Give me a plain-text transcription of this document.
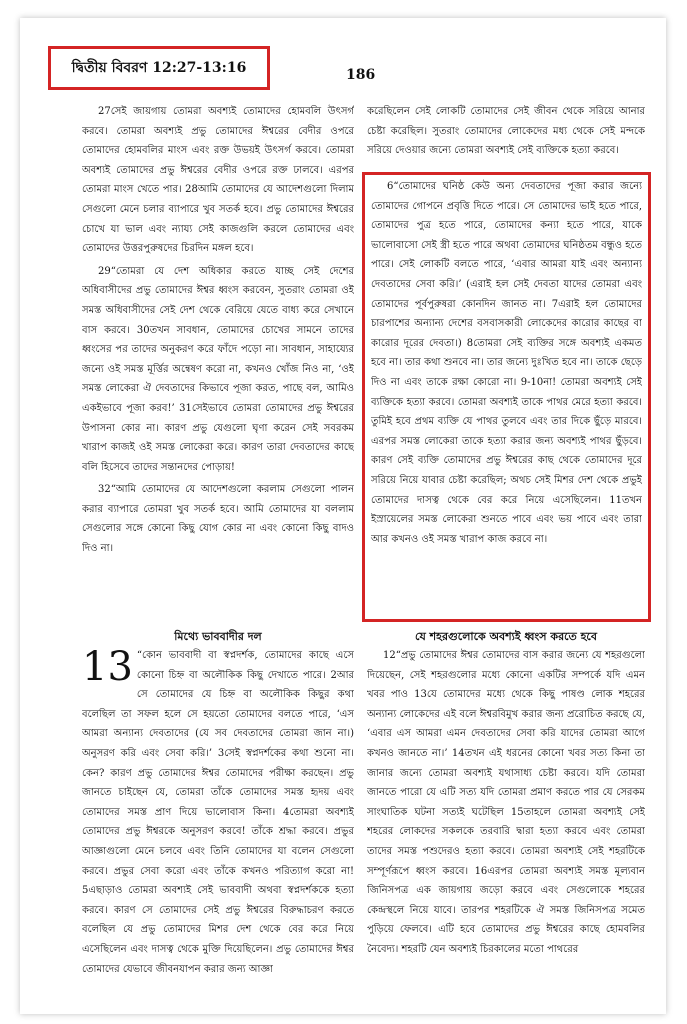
দ্বিতীয় বিবরণ 12:27-13:16	186

27সেই জায়গায় তোমরা অবশ্যই তোমাদের হোমবলি উৎসর্গ করবে। তোমরা অবশ্যই প্রভু তোমাদের ঈশ্বরের বেদীর ওপরে তোমাদের হোমবলির মাংস এবং রক্ত উভয়ই উৎসর্গ করবে। তোমরা অবশ্যই তোমাদের প্রভু ঈশ্বরের বেদীর ওপরে রক্ত ঢালবে। এরপর তোমরা মাংস খেতে পার। 28আমি তোমাদের যে আদেশগুলো দিলাম সেগুলো মেনে চলার ব্যাপারে খুব সতর্ক হবে। প্রভু তোমাদের ঈশ্বরের চোখে যা ভাল এবং ন্যায্য সেই কাজগুলি করলে তোমাদের এবং তোমাদের উত্তরপুরুষদের চিরদিন মঙ্গল হবে।

29“তোমরা যে দেশ অধিকার করতে যাচ্ছ সেই দেশের অধিবাসীদের প্রভু তোমাদের ঈশ্বর ধ্বংস করবেন, সুতরাং তোমরা ওই সমস্ত অধিবাসীদের সেই দেশ থেকে বেরিয়ে যেতে বাধ্য করে সেখানে বাস করবে। 30তখন সাবধান, তোমাদের চোখের সামনে তাদের ধ্বংসের পর তাদের অনুকরণ করে ফাঁদে পড়ো না। সাবধান, সাহায্যের জন্যে ওই সমস্ত মূর্ত্তির অন্বেষণ করো না, কখনও খোঁজ নিও না, ‘ওই সমস্ত লোকেরা ঐ দেবতাদের কিভাবে পূজা করত, পাছে বল, আমিও একইভাবে পূজা করব!’ 31সেইভাবে তোমরা তোমাদের প্রভু ঈশ্বরের উপাসনা কোর না। কারণ প্রভু যেগুলো ঘৃণা করেন সেই সবরকম খারাপ কাজই ওই সমস্ত লোকেরা করে। কারণ তারা দেবতাদের কাছে বলি হিসেবে তাদের সন্তানদের পোড়ায়!

32“আমি তোমাদের যে আদেশগুলো করলাম সেগুলো পালন করার ব্যাপারে তোমরা খুব সতর্ক হবে। আমি তোমাদের যা বললাম সেগুলোর সঙ্গে কোনো কিছু যোগ কোর না এবং কোনো কিছু বাদও দিও না।

করেছিলেন সেই লোকটি তোমাদের সেই জীবন থেকে সরিয়ে আনার চেষ্টা করেছিল। সুতরাং তোমাদের লোকেদের মধ্য থেকে সেই মন্দকে সরিয়ে দেওয়ার জন্যে তোমরা অবশ্যই সেই ব্যক্তিকে হত্যা করবে।

6“তোমাদের ঘনিষ্ঠ কেউ অন্য দেবতাদের পূজা করার জন্যে তোমাদের গোপনে প্রবৃত্তি দিতে পারে। সে তোমাদের ভাই হতে পারে, তোমাদের পুত্র হতে পারে, তোমাদের কন্যা হতে পারে, যাকে ভালোবাসো সেই স্ত্রী হতে পারে অথবা তোমাদের ঘনিষ্ঠতম বন্ধুও হতে পারে। সেই লোকটি বলতে পারে, ‘এবার আমরা যাই এবং অন্যান্য দেবতাদের সেবা করি।’ (এরাই হল সেই দেবতা যাদের তোমরা এবং তোমাদের পূর্বপুরুষরা কোনদিন জানত না। 7এরাই হল তোমাদের চারপাশের অন্যান্য দেশের বসবাসকারী লোকেদের কারোর কাছের বা কারোর দূরের দেবতা।) 8তোমরা সেই ব্যক্তির সঙ্গে অবশ্যই একমত হবে না। তার কথা শুনবে না। তার জন্যে দুঃখিত হবে না। তাকে ছেড়ে দিও না এবং তাকে রক্ষা কোরো না। 9-10না! তোমরা অবশ্যই সেই ব্যক্তিকে হত্যা করবে। তোমরা অবশ্যই তাকে পাথর মেরে হত্যা করবে। তুমিই হবে প্রথম ব্যক্তি যে পাথর তুলবে এবং তার দিকে ছুঁড়ে মারবে। এরপর সমস্ত লোকেরা তাকে হত্যা করার জন্য অবশ্যই পাথর ছুঁড়বে। কারণ সেই ব্যক্তি তোমাদের প্রভু ঈশ্বরের কাছ থেকে তোমাদের দূরে সরিয়ে নিয়ে যাবার চেষ্টা করেছিল; অথচ সেই মিশর দেশ থেকে প্রভুই তোমাদের দাসত্ব থেকে বের করে নিয়ে এসেছিলেন। 11তখন ইস্রায়েলের সমস্ত লোকেরা শুনতে পাবে এবং ভয় পাবে এবং তারা আর কখনও ওই সমস্ত খারাপ কাজ করবে না।

মিথ্যে ভাববাদীর দল	যে শহরগুলোকে অবশ্যই ধ্বংস করতে হবে
13 “কোন ভাববাদী বা স্বপ্নদর্শক, তোমাদের কাছে এসে কোনো চিহ্ন বা অলৌকিক কিছু দেখাতে পারে। 2আর সে তোমাদের যে চিহ্ন বা অলৌকিক কিছুর কথা বলেছিল তা সফল হলে সে হয়তো তোমাদের বলতে পারে, ‘এস আমরা অন্যান্য দেবতাদের (যে সব দেবতাদের তোমরা জান না।) অনুসরণ করি এবং সেবা করি।’ 3সেই স্বপ্নদর্শকের কথা শুনো না। কেন? কারণ প্রভু তোমাদের ঈশ্বর তোমাদের পরীক্ষা করছেন। প্রভু জানতে চাইছেন যে, তোমরা তাঁকে তোমাদের সমস্ত হৃদয় এবং তোমাদের সমস্ত প্রাণ দিয়ে ভালোবাস কিনা। 4তোমরা অবশ্যই তোমাদের প্রভু ঈশ্বরকে অনুসরণ করবে! তাঁকে শ্রদ্ধা করবে। প্রভুর আজ্ঞাগুলো মেনে চলবে এবং তিনি তোমাদের যা বলেন সেগুলো করবে। প্রভুর সেবা করো এবং তাঁকে কখনও পরিত্যাগ করো না! 5এছাড়াও তোমরা অবশ্যই সেই ভাববাদী অথবা স্বপ্নদর্শককে হত্যা করবে। কারণ সে তোমাদের সেই প্রভু ঈশ্বরের বিরুদ্ধাচরণ করতে বলেছিল যে প্রভু তোমাদের মিশর দেশ থেকে বের করে নিয়ে এসেছিলেন এবং দাসত্ব থেকে মুক্তি দিয়েছিলেন। প্রভু তোমাদের ঈশ্বর তোমাদের যেভাবে জীবনযাপন করার জন্য আজ্ঞা

12“প্রভু তোমাদের ঈশ্বর তোমাদের বাস করার জন্যে যে শহরগুলো দিয়েছেন, সেই শহরগুলোর মধ্যে কোনো একটির সম্পর্কে যদি এমন খবর পাও 13যে তোমাদের মধ্যে থেকে কিছু পাষণ্ড লোক শহরের অন্যান্য লোকেদের এই বলে ঈশ্বরবিমুখ করার জন্য প্ররোচিত করছে যে, ‘এবার এস আমরা এমন দেবতাদের সেবা করি যাদের তোমরা আগে কখনও জানতে না।’ 14তখন এই ধরনের কোনো খবর সত্য কিনা তা জানার জন্যে তোমরা অবশ্যই যথাসাধ্য চেষ্টা করবে। যদি তোমরা জানতে পারো যে এটি সত্য যদি তোমরা প্রমাণ করতে পার যে সেরকম সাংঘাতিক ঘটনা সত্যই ঘটেছিল 15তাহলে তোমরা অবশ্যই সেই শহরের লোকদের সকলকে তরবারি দ্বারা হত্যা করবে এবং তোমরা তাদের সমস্ত পশুদেরও হত্যা করবে। তোমরা অবশ্যই সেই শহরটিকে সম্পূর্ণরূপে ধ্বংস করবে। 16এরপর তোমরা অবশ্যই সমস্ত মূল্যবান জিনিসপত্র এক জায়গায় জড়ো করবে এবং সেগুলোকে শহরের কেন্দ্রস্থলে নিয়ে যাবে। তারপর শহরটিকে ঐ সমস্ত জিনিসপত্র সমেত পুড়িয়ে ফেলবে। এটি হবে তোমাদের প্রভু ঈশ্বরের কাছে হোমবলির নৈবেদ্য। শহরটি যেন অবশ্যই চিরকালের মতো পাথরের
